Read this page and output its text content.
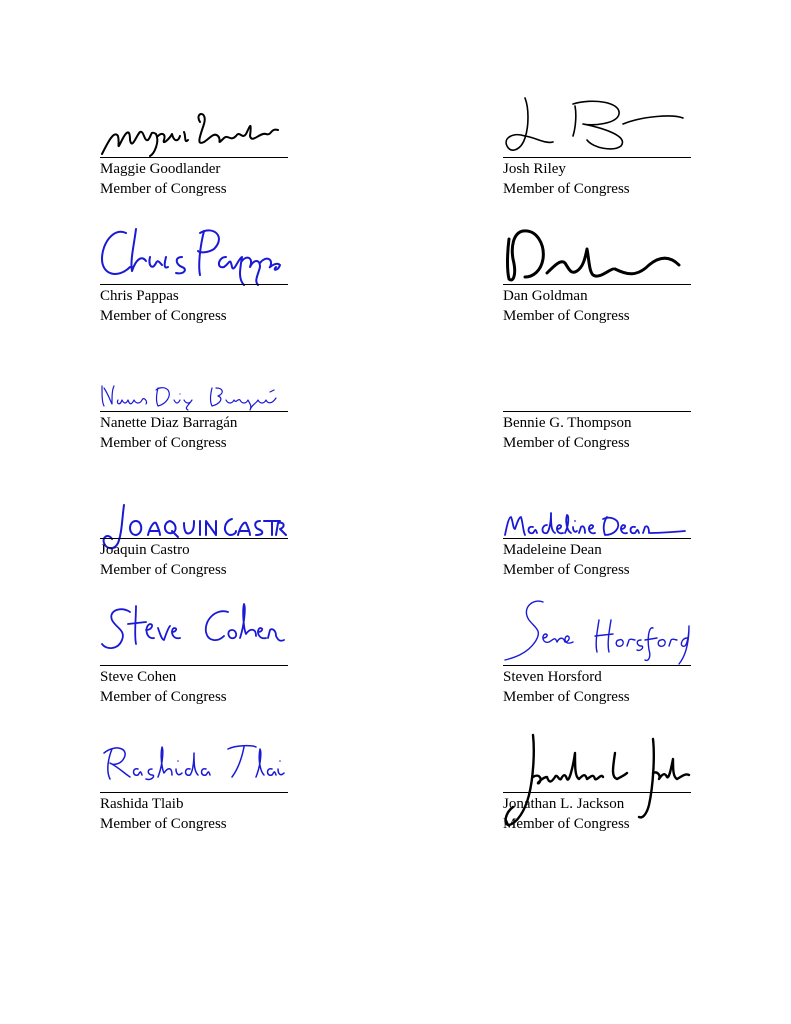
Maggie Goodlander
Member of Congress
Josh Riley
Member of Congress
Chris Pappas
Member of Congress
Dan Goldman
Member of Congress
Nanette Diaz Barragán
Member of Congress
Bennie G. Thompson
Member of Congress
Joaquin Castro
Member of Congress
Madeleine Dean
Member of Congress
Steve Cohen
Member of Congress
Steven Horsford
Member of Congress
Rashida Tlaib
Member of Congress
Jonathan L. Jackson
Member of Congress
